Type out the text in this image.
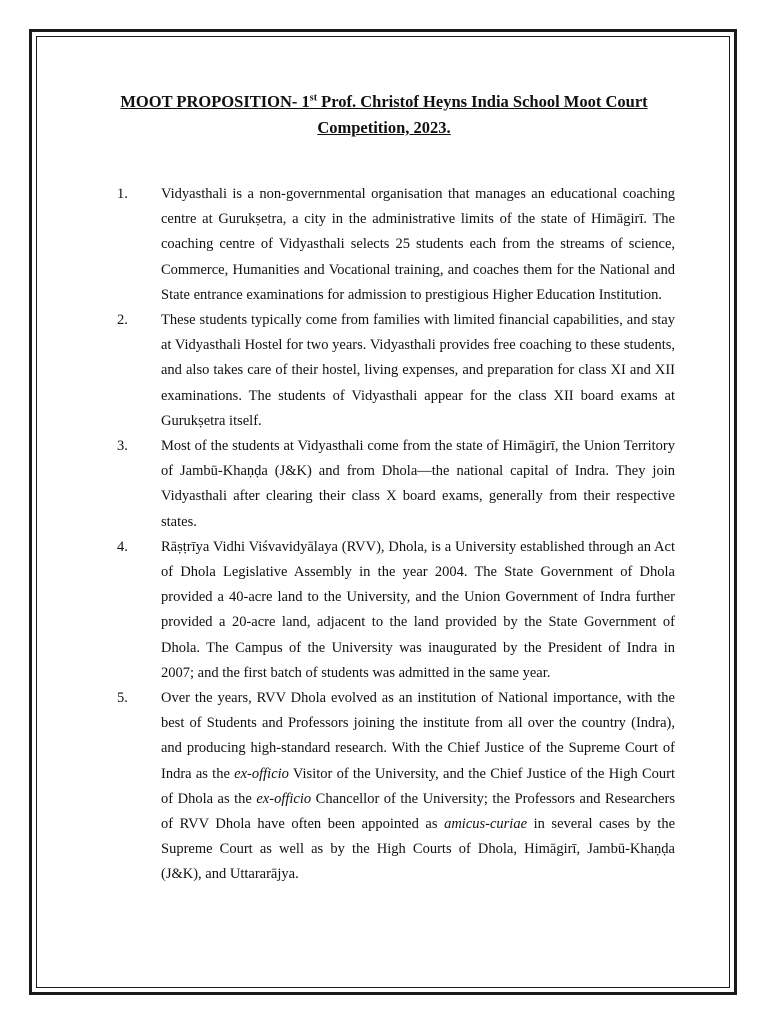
MOOT PROPOSITION- 1st Prof. Christof Heyns India School Moot Court
Competition, 2023.
1. Vidyasthali is a non-governmental organisation that manages an educational coaching centre at Gurukṣetra, a city in the administrative limits of the state of Himāgirī. The coaching centre of Vidyasthali selects 25 students each from the streams of science, Commerce, Humanities and Vocational training, and coaches them for the National and State entrance examinations for admission to prestigious Higher Education Institution.
2. These students typically come from families with limited financial capabilities, and stay at Vidyasthali Hostel for two years. Vidyasthali provides free coaching to these students, and also takes care of their hostel, living expenses, and preparation for class XI and XII examinations. The students of Vidyasthali appear for the class XII board exams at Gurukṣetra itself.
3. Most of the students at Vidyasthali come from the state of Himāgirī, the Union Territory of Jambū-Khaṇḍa (J&K) and from Dhola—the national capital of Indra. They join Vidyasthali after clearing their class X board exams, generally from their respective states.
4. Rāṣṭrīya Vidhi Viśvavidyālaya (RVV), Dhola, is a University established through an Act of Dhola Legislative Assembly in the year 2004. The State Government of Dhola provided a 40-acre land to the University, and the Union Government of Indra further provided a 20-acre land, adjacent to the land provided by the State Government of Dhola. The Campus of the University was inaugurated by the President of Indra in 2007; and the first batch of students was admitted in the same year.
5. Over the years, RVV Dhola evolved as an institution of National importance, with the best of Students and Professors joining the institute from all over the country (Indra), and producing high-standard research. With the Chief Justice of the Supreme Court of Indra as the ex-officio Visitor of the University, and the Chief Justice of the High Court of Dhola as the ex-officio Chancellor of the University; the Professors and Researchers of RVV Dhola have often been appointed as amicus-curiae in several cases by the Supreme Court as well as by the High Courts of Dhola, Himāgirī, Jambū-Khaṇḍa (J&K), and Uttararājya.
